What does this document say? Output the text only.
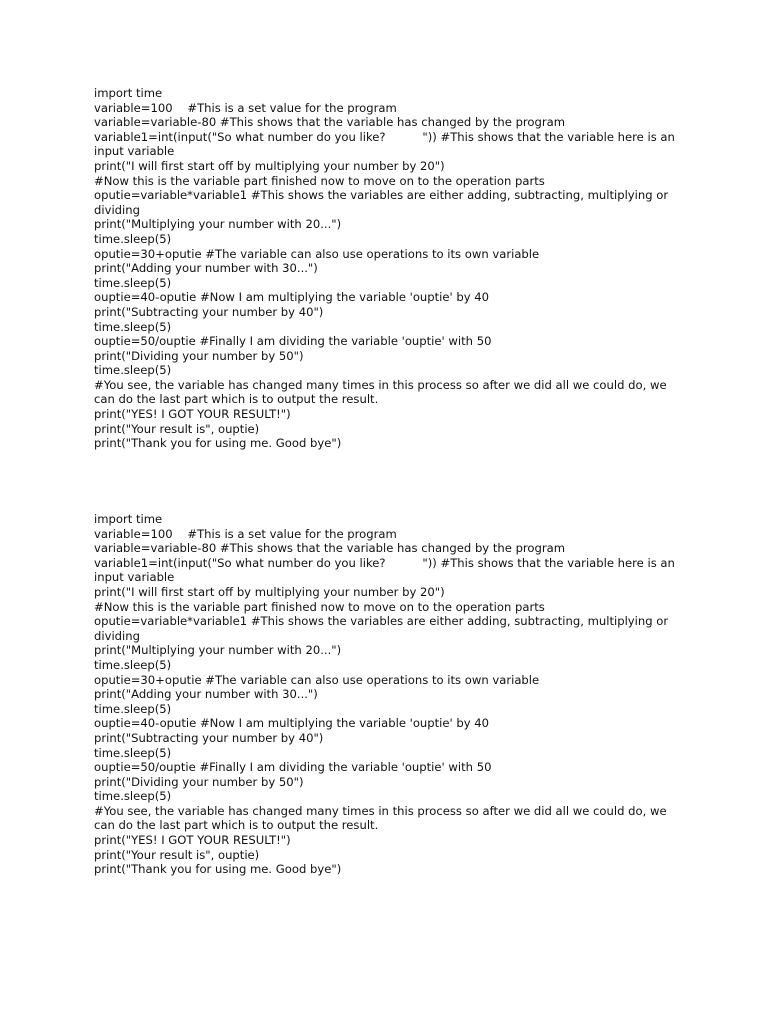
import time

variable=100    #This is a set value for the program

variable=variable-80 #This shows that the variable has changed by the program

variable1=int(input("So what number do you like?          ")) #This shows that the variable here is an input variable

print("I will first start off by multiplying your number by 20")

#Now this is the variable part finished now to move on to the operation parts

oputie=variable*variable1 #This shows the variables are either adding, subtracting, multiplying or dividing

print("Multiplying your number with 20...")

time.sleep(5)

oputie=30+oputie #The variable can also use operations to its own variable

print("Adding your number with 30...")

time.sleep(5)

ouptie=40-oputie #Now I am multiplying the variable 'ouptie' by 40

print("Subtracting your number by 40")

time.sleep(5)

ouptie=50/ouptie #Finally I am dividing the variable 'ouptie' with 50

print("Dividing your number by 50")

time.sleep(5)

#You see, the variable has changed many times in this process so after we did all we could do, we can do the last part which is to output the result.

print("YES! I GOT YOUR RESULT!")

print("Your result is", ouptie)

print("Thank you for using me. Good bye")

import time

variable=100    #This is a set value for the program

variable=variable-80 #This shows that the variable has changed by the program

variable1=int(input("So what number do you like?          ")) #This shows that the variable here is an input variable

print("I will first start off by multiplying your number by 20")

#Now this is the variable part finished now to move on to the operation parts

oputie=variable*variable1 #This shows the variables are either adding, subtracting, multiplying or dividing

print("Multiplying your number with 20...")

time.sleep(5)

oputie=30+oputie #The variable can also use operations to its own variable

print("Adding your number with 30...")

time.sleep(5)

ouptie=40-oputie #Now I am multiplying the variable 'ouptie' by 40

print("Subtracting your number by 40")

time.sleep(5)

ouptie=50/ouptie #Finally I am dividing the variable 'ouptie' with 50

print("Dividing your number by 50")

time.sleep(5)

#You see, the variable has changed many times in this process so after we did all we could do, we can do the last part which is to output the result.

print("YES! I GOT YOUR RESULT!")

print("Your result is", ouptie)

print("Thank you for using me. Good bye")
